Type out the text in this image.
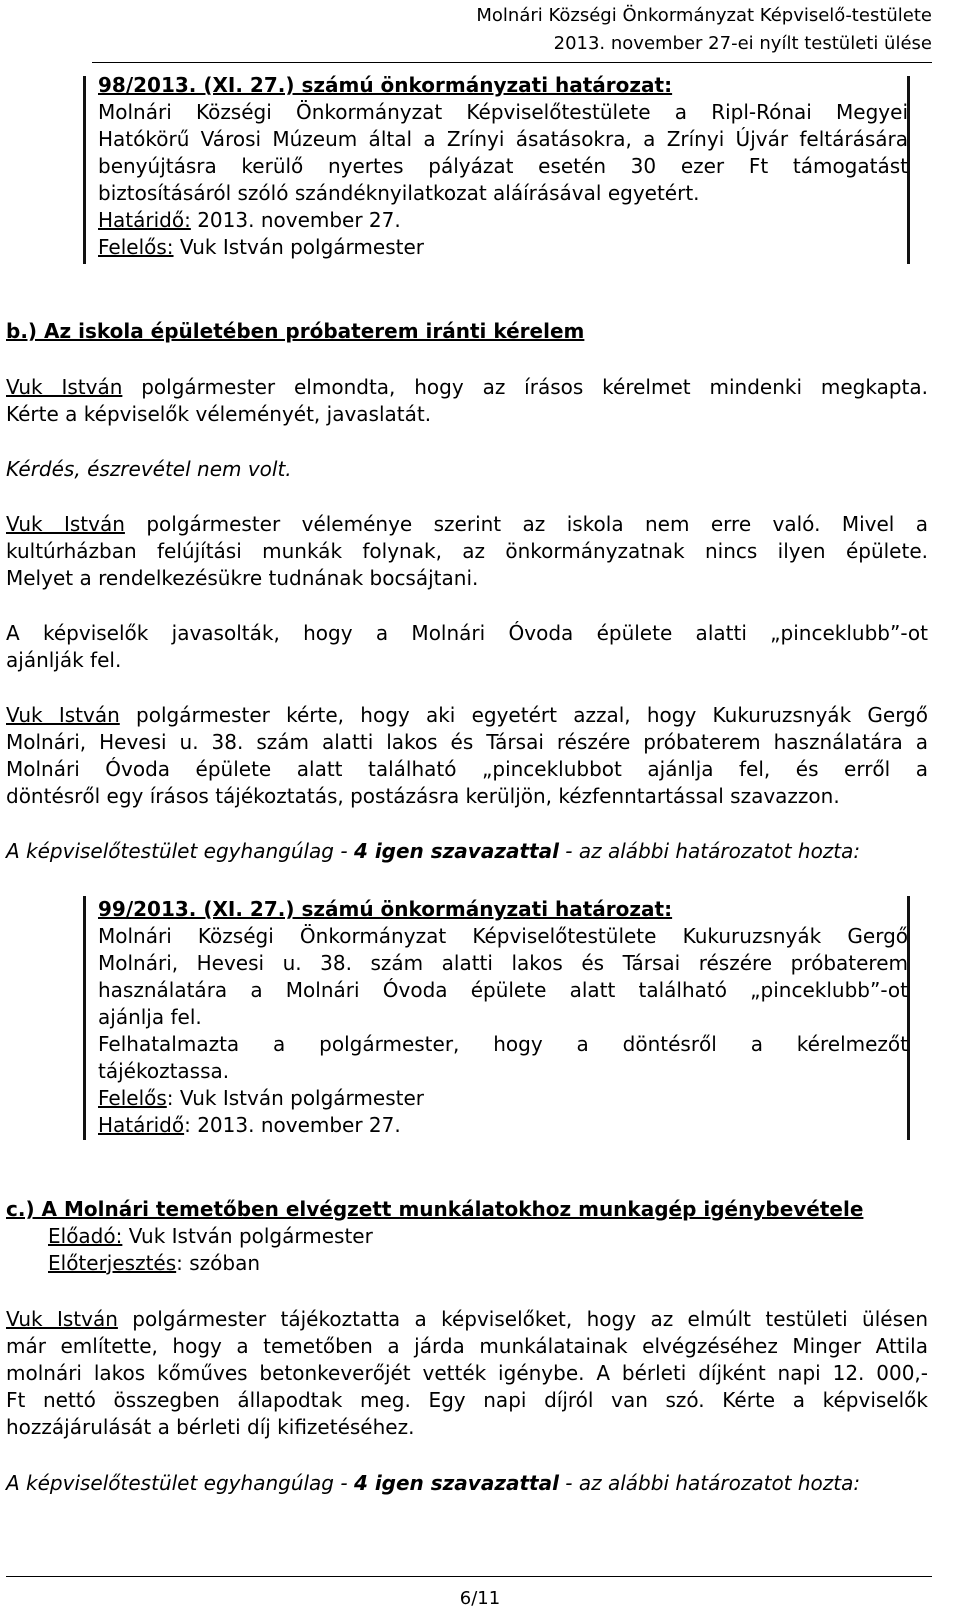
Molnári Községi Önkormányzat Képviselő-testülete
2013. november 27-ei nyílt testületi ülése
98/2013. (XI. 27.) számú önkormányzati határozat:
Molnári Községi Önkormányzat Képviselőtestülete a Ripl-Rónai Megyei
Hatókörű Városi Múzeum által a Zrínyi ásatásokra, a Zrínyi Újvár feltárására
benyújtásra kerülő nyertes pályázat esetén 30 ezer Ft támogatást
biztosításáról szóló szándéknyilatkozat aláírásával egyetért.
Határidő: 2013. november 27.
Felelős: Vuk István polgármester
b.) Az iskola épületében próbaterem iránti kérelem
Vuk István polgármester elmondta, hogy az írásos kérelmet mindenki megkapta.
Kérte a képviselők véleményét, javaslatát.
Kérdés, észrevétel nem volt.
Vuk István polgármester véleménye szerint az iskola nem erre való. Mivel a
kultúrházban felújítási munkák folynak, az önkormányzatnak nincs ilyen épülete.
Melyet a rendelkezésükre tudnának bocsájtani.
A képviselők javasolták, hogy a Molnári Óvoda épülete alatti „pinceklubb”-ot
ajánlják fel.
Vuk István polgármester kérte, hogy aki egyetért azzal, hogy Kukuruzsnyák Gergő
Molnári, Hevesi u. 38. szám alatti lakos és Társai részére próbaterem használatára a
Molnári Óvoda épülete alatt található „pinceklubbot ajánlja fel, és erről a
döntésről egy írásos tájékoztatás, postázásra kerüljön, kézfenntartással szavazzon.
A képviselőtestület egyhangúlag - 4 igen szavazattal - az alábbi határozatot hozta:
99/2013. (XI. 27.) számú önkormányzati határozat:
Molnári Községi Önkormányzat Képviselőtestülete Kukuruzsnyák Gergő
Molnári, Hevesi u. 38. szám alatti lakos és Társai részére próbaterem
használatára a Molnári Óvoda épülete alatt található „pinceklubb”-ot
ajánlja fel.
Felhatalmazta a polgármester, hogy a döntésről a kérelmezőt
tájékoztassa.
Felelős: Vuk István polgármester
Határidő: 2013. november 27.
c.) A Molnári temetőben elvégzett munkálatokhoz munkagép igénybevétele
Előadó: Vuk István polgármester
Előterjesztés: szóban
Vuk István polgármester tájékoztatta a képviselőket, hogy az elmúlt testületi ülésen
már említette, hogy a temetőben a járda munkálatainak elvégzéséhez Minger Attila
molnári lakos kőműves betonkeverőjét vették igénybe. A bérleti díjként napi 12. 000,-
Ft nettó összegben állapodtak meg. Egy napi díjról van szó. Kérte a képviselők
hozzájárulását a bérleti díj kifizetéséhez.
A képviselőtestület egyhangúlag - 4 igen szavazattal - az alábbi határozatot hozta:
6/11
